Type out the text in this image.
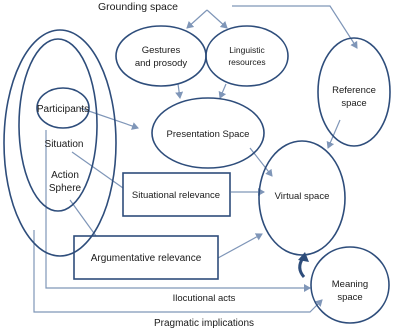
Grounding space
Participants
Situation
Action
Sphere
Gestures
and prosody
Linguistic
resources
Reference
space
Presentation Space
Situational relevance	Virtual space
Argumentative relevance
Meaning
space
Ilocutional acts
Pragmatic implications
